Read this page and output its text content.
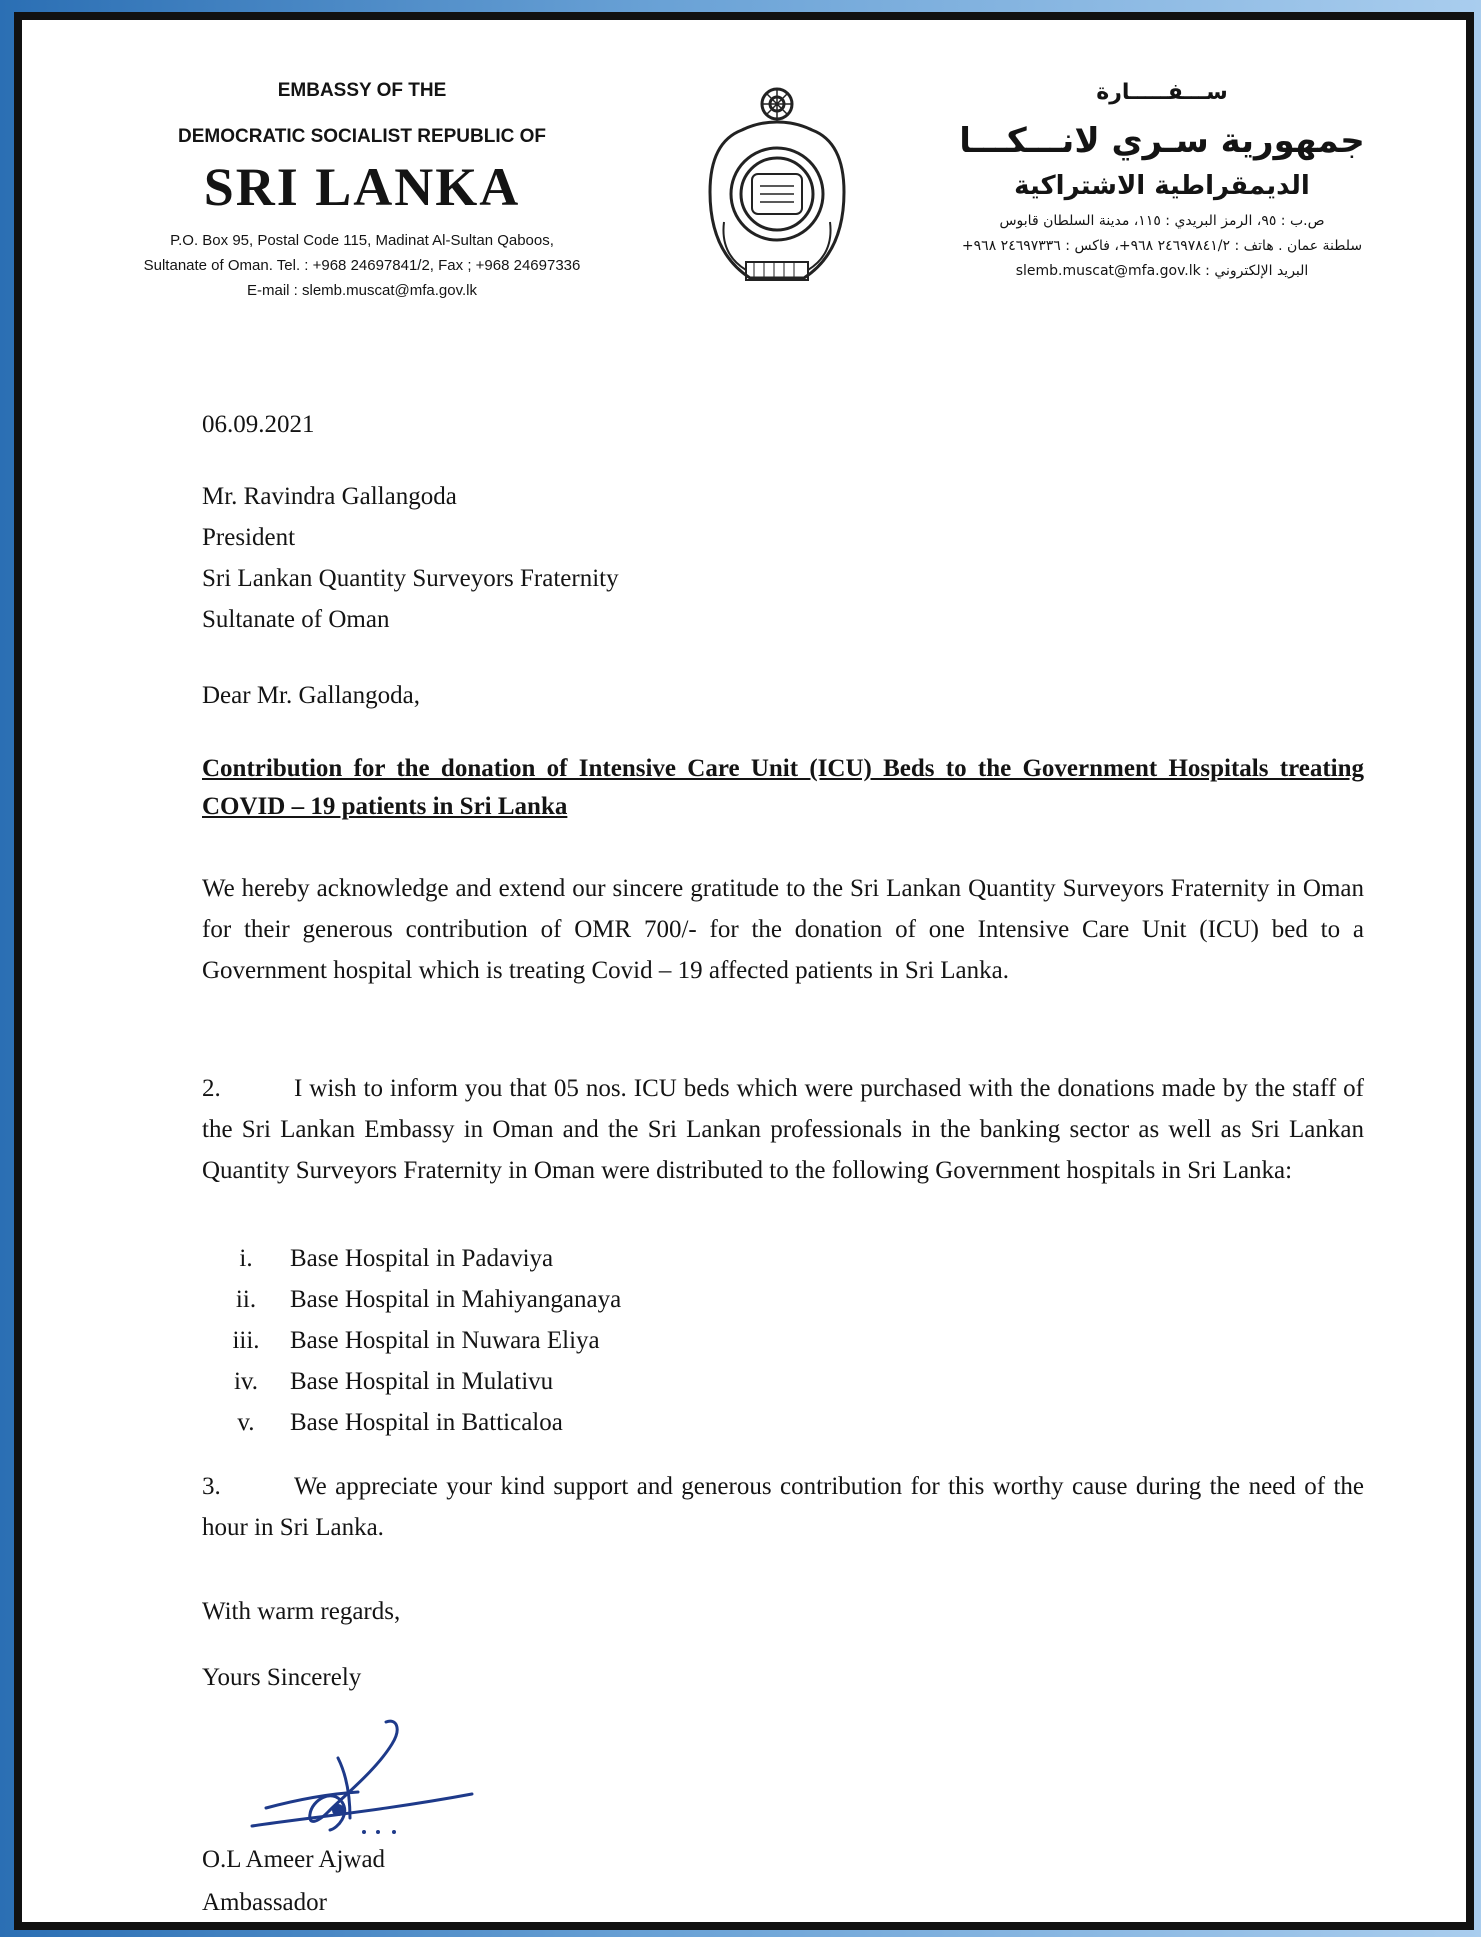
EMBASSY OF THE
DEMOCRATIC SOCIALIST REPUBLIC OF
SRI LANKA
P.O. Box 95, Postal Code 115, Madinat Al-Sultan Qaboos,
Sultanate of Oman. Tel. : +968 24697841/2, Fax ; +968 24697336
E-mail : slemb.muscat@mfa.gov.lk
ســـفـــــارة
جمهورية سـري لانـــكـــا
الديمقراطية الاشتراكية
ص.ب : ٩٥، الرمز البريدي : ١١٥، مدينة السلطان قابوس
سلطنة عمان . هاتف : ٢٤٦٩٧٨٤١/٢ ٩٦٨+، فاكس : ٢٤٦٩٧٣٣٦ ٩٦٨+
البريد الإلكتروني : slemb.muscat@mfa.gov.lk
06.09.2021
Mr. Ravindra Gallangoda
President
Sri Lankan Quantity Surveyors Fraternity
Sultanate of Oman
Dear Mr. Gallangoda,
Contribution for the donation of Intensive Care Unit (ICU) Beds to the Government Hospitals treating COVID – 19 patients in Sri Lanka
We hereby acknowledge and extend our sincere gratitude to the Sri Lankan Quantity Surveyors Fraternity in Oman for their generous contribution of OMR 700/- for the donation of one Intensive Care Unit (ICU) bed to a Government hospital which is treating Covid – 19 affected patients in Sri Lanka.
2.	I wish to inform you that 05 nos. ICU beds which were purchased with the donations made by the staff of the Sri Lankan Embassy in Oman and the Sri Lankan professionals in the banking sector as well as Sri Lankan Quantity Surveyors Fraternity in Oman were distributed to the following Government hospitals in Sri Lanka:
i.	Base Hospital in Padaviya
ii.	Base Hospital in Mahiyanganaya
iii.	Base Hospital in Nuwara Eliya
iv.	Base Hospital in Mulativu
v.	Base Hospital in Batticaloa
3.	We appreciate your kind support and generous contribution for this worthy cause during the need of the hour in Sri Lanka.
With warm regards,
Yours Sincerely
O.L Ameer Ajwad
Ambassador
